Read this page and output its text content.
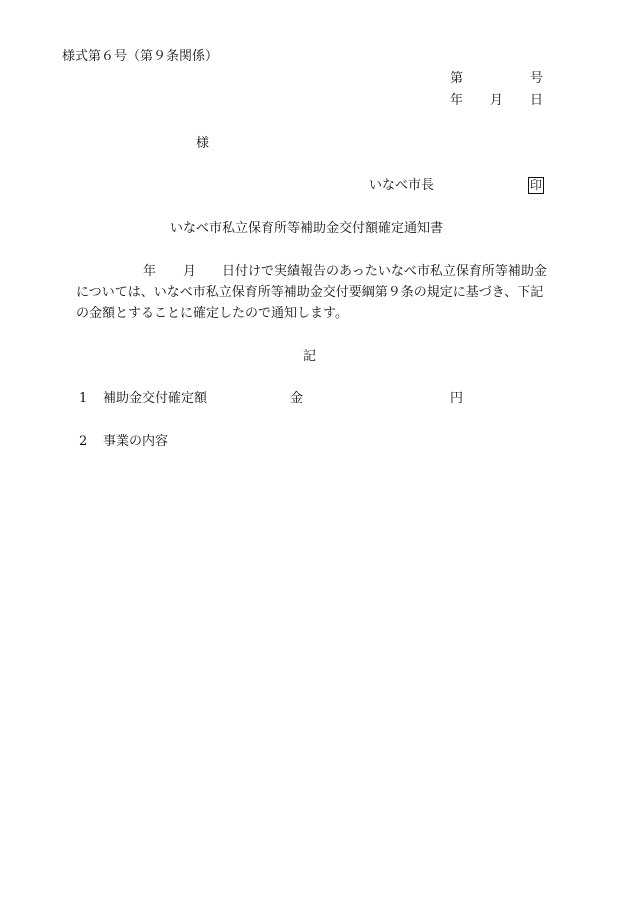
様式第６号（第９条関係）
第	号
年 月 日
様
いなべ市長	印
いなべ市私立保育所等補助金交付額確定通知書
年 月 日付けで実績報告のあったいなべ市私立保育所等補助金
については、いなべ市私立保育所等補助金交付要綱第９条の規定に基づき、下記
の金額とすることに確定したので通知します。
記
1 補助金交付確定額	金	円
2 事業の内容
